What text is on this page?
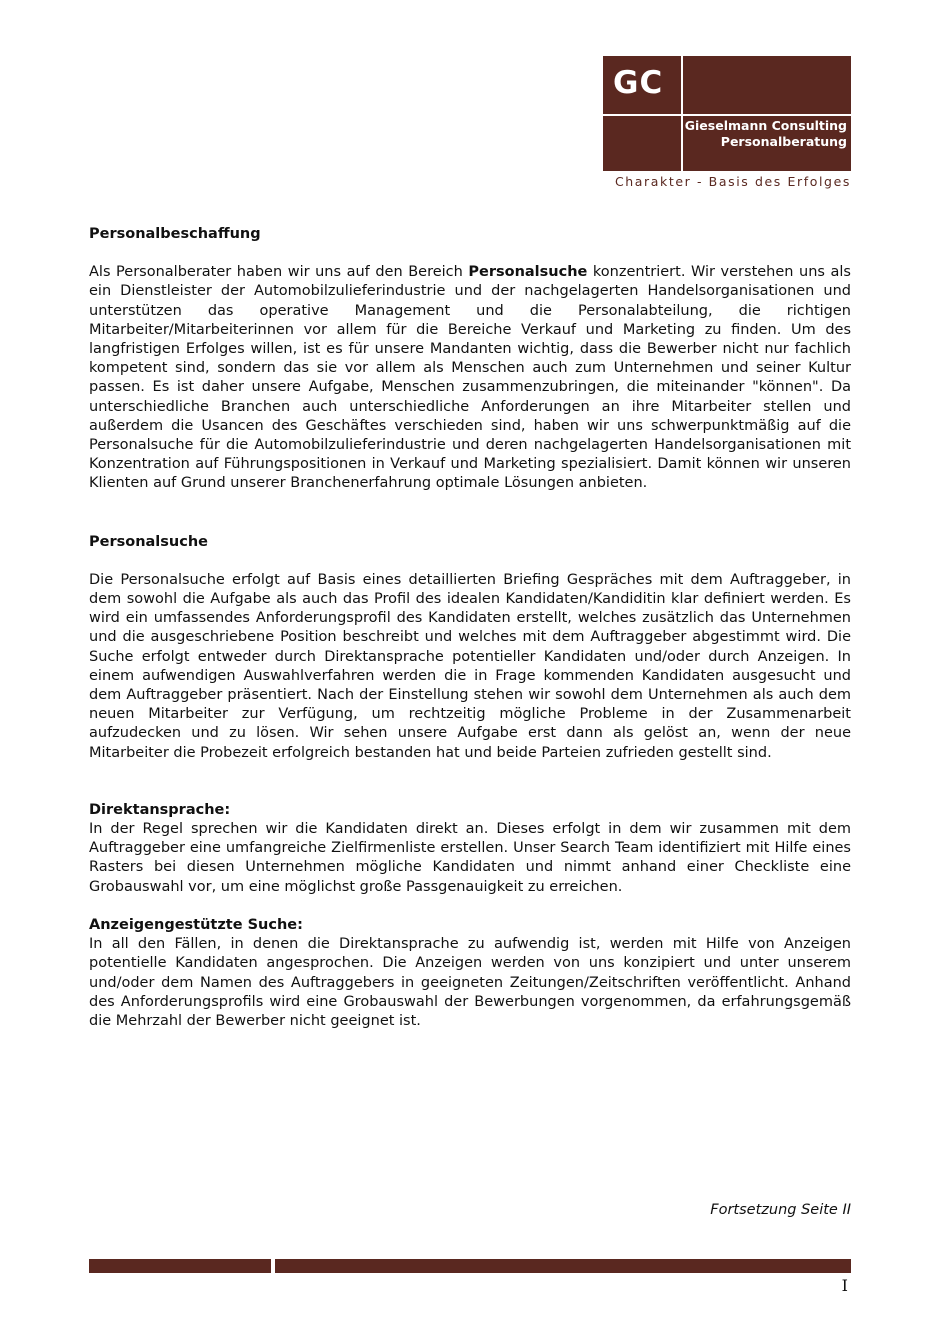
GC
Gieselmann Consulting
Personalberatung
Charakter - Basis des Erfolges
Personalbeschaffung

Als Personalberater haben wir uns auf den Bereich Personalsuche konzentriert. Wir verstehen uns als ein Dienstleister der Automobilzulieferindustrie und der nachgelagerten Handelsorganisationen und unterstützen das operative Management und die Personalabteilung, die richtigen Mitarbeiter/Mitarbeiterinnen vor allem für die Bereiche Verkauf und Marketing zu finden. Um des langfristigen Erfolges willen, ist es für unsere Mandanten wichtig, dass die Bewerber nicht nur fachlich kompetent sind, sondern das sie vor allem als Menschen auch zum Unternehmen und seiner Kultur passen. Es ist daher unsere Aufgabe, Menschen zusammenzubringen, die miteinander "können". Da unterschiedliche Branchen auch unterschiedliche Anforderungen an ihre Mitarbeiter stellen und außerdem die Usancen des Geschäftes verschieden sind, haben wir uns schwerpunktmäßig auf die Personalsuche für die Automobilzulieferindustrie und deren nachgelagerten Handelsorganisationen mit Konzentration auf Führungspositionen in Verkauf und Marketing spezialisiert. Damit können wir unseren Klienten auf Grund unserer Branchenerfahrung optimale Lösungen anbieten.

Personalsuche

Die Personalsuche erfolgt auf Basis eines detaillierten Briefing Gespräches mit dem Auftraggeber, in dem sowohl die Aufgabe als auch das Profil des idealen Kandidaten/Kandiditin klar definiert werden. Es wird ein umfassendes Anforderungsprofil des Kandidaten erstellt, welches zusätzlich das Unternehmen und die ausgeschriebene Position beschreibt und welches mit dem Auftraggeber abgestimmt wird. Die Suche erfolgt entweder durch Direktansprache potentieller Kandidaten und/oder durch Anzeigen. In einem aufwendigen Auswahlverfahren werden die in Frage kommenden Kandidaten ausgesucht und dem Auftraggeber präsentiert. Nach der Einstellung stehen wir sowohl dem Unternehmen als auch dem neuen Mitarbeiter zur Verfügung, um rechtzeitig mögliche Probleme in der Zusammenarbeit aufzudecken und zu lösen. Wir sehen unsere Aufgabe erst dann als gelöst an, wenn der neue Mitarbeiter die Probezeit erfolgreich bestanden hat und beide Parteien zufrieden gestellt sind.

Direktansprache:

In der Regel sprechen wir die Kandidaten direkt an. Dieses erfolgt in dem wir zusammen mit dem Auftraggeber eine umfangreiche Zielfirmenliste erstellen. Unser Search Team identifiziert mit Hilfe eines Rasters bei diesen Unternehmen mögliche Kandidaten und nimmt anhand einer Checkliste eine Grobauswahl vor, um eine möglichst große Passgenauigkeit zu erreichen.

Anzeigengestützte Suche:

In all den Fällen, in denen die Direktansprache zu aufwendig ist, werden mit Hilfe von Anzeigen potentielle Kandidaten angesprochen. Die Anzeigen werden von uns konzipiert und unter unserem und/oder dem Namen des Auftraggebers in geeigneten Zeitungen/Zeitschriften veröffentlicht. Anhand des Anforderungsprofils wird eine Grobauswahl der Bewerbungen vorgenommen, da erfahrungsgemäß die Mehrzahl der Bewerber nicht geeignet ist.

Fortsetzung Seite II
I
